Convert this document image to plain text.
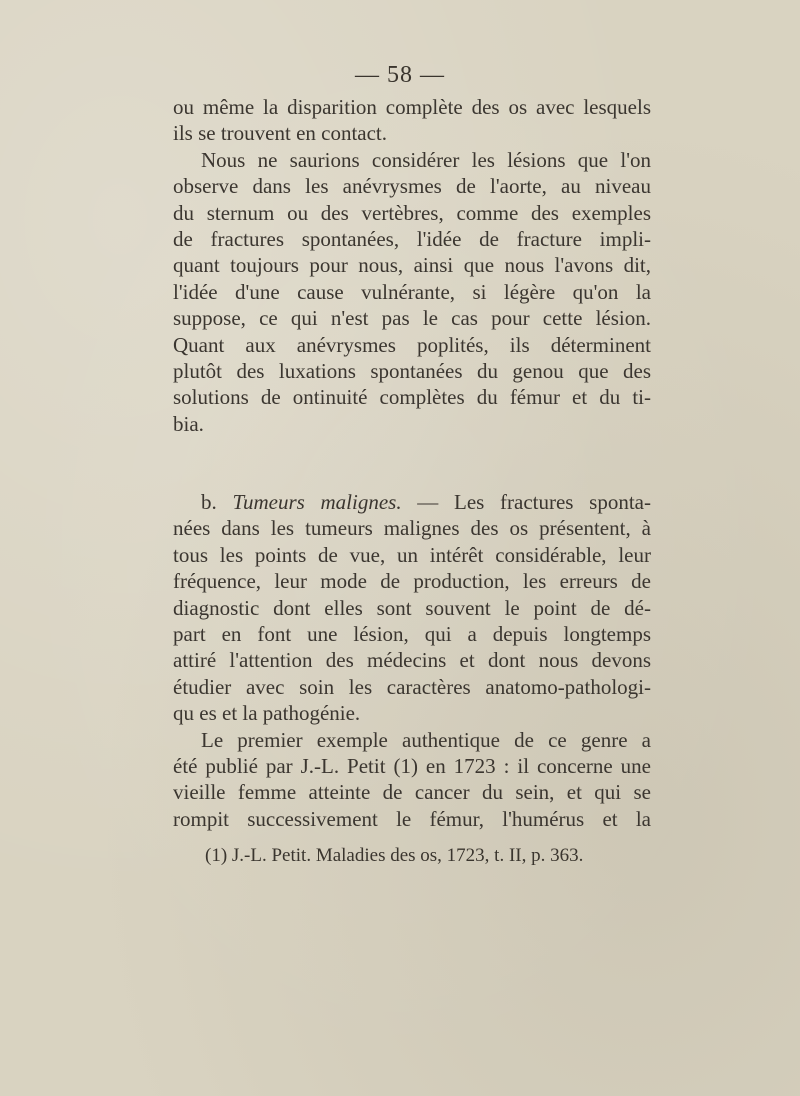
— 58 —
ou même la disparition complète des os avec lesquels
ils se trouvent en contact.
Nous ne saurions considérer les lésions que l'on
observe dans les anévrysmes de l'aorte, au niveau
du sternum ou des vertèbres, comme des exemples
de fractures spontanées, l'idée de fracture impli-
quant toujours pour nous, ainsi que nous l'avons dit,
l'idée d'une cause vulnérante, si légère qu'on la
suppose, ce qui n'est pas le cas pour cette lésion.
Quant aux anévrysmes poplités, ils déterminent
plutôt des luxations spontanées du genou que des
solutions de ontinuité complètes du fémur et du ti-
bia.
b. Tumeurs malignes. — Les fractures sponta-
nées dans les tumeurs malignes des os présentent, à
tous les points de vue, un intérêt considérable, leur
fréquence, leur mode de production, les erreurs de
diagnostic dont elles sont souvent le point de dé-
part en font une lésion, qui a depuis longtemps
attiré l'attention des médecins et dont nous devons
étudier avec soin les caractères anatomo-pathologi-
qu es et la pathogénie.
Le premier exemple authentique de ce genre a
été publié par J.-L. Petit (1) en 1723 : il concerne une
vieille femme atteinte de cancer du sein, et qui se
rompit successivement le fémur, l'humérus et la
(1) J.-L. Petit. Maladies des os, 1723, t. II, p. 363.
